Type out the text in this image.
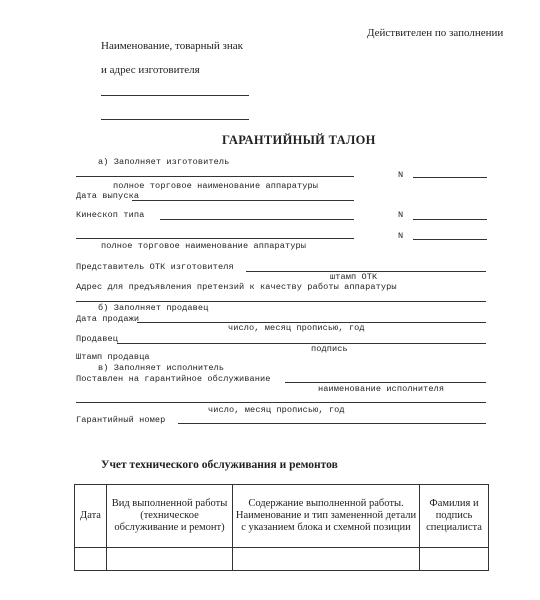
Действителен по заполнении
Наименование, товарный знак
и адрес изготовителя
ГАРАНТИЙНЫЙ ТАЛОН
а) Заполняет изготовитель
N
полное торговое наименование аппаратуры
Дата выпуска
Кинескоп типа	N
N
полное торговое наименование аппаратуры
Представитель ОТК изготовителя
штамп ОТК
Адрес для предъявления претензий к качеству работы аппаратуры
б) Заполняет продавец
Дата продажи
число, месяц прописью, год
Продавец
подпись
Штамп продавца
в) Заполняет исполнитель
Поставлен на гарантийное обслуживание
наименование исполнителя
число, месяц прописью, год
Гарантийный номер
Учет технического обслуживания и ремонтов
Дата	Вид выполненной работы (техническое обслуживание и ремонт)	Содержание выполненной работы. Наименование и тип замененной детали с указанием блока и схемной позиции	Фамилия и подпись специалиста
